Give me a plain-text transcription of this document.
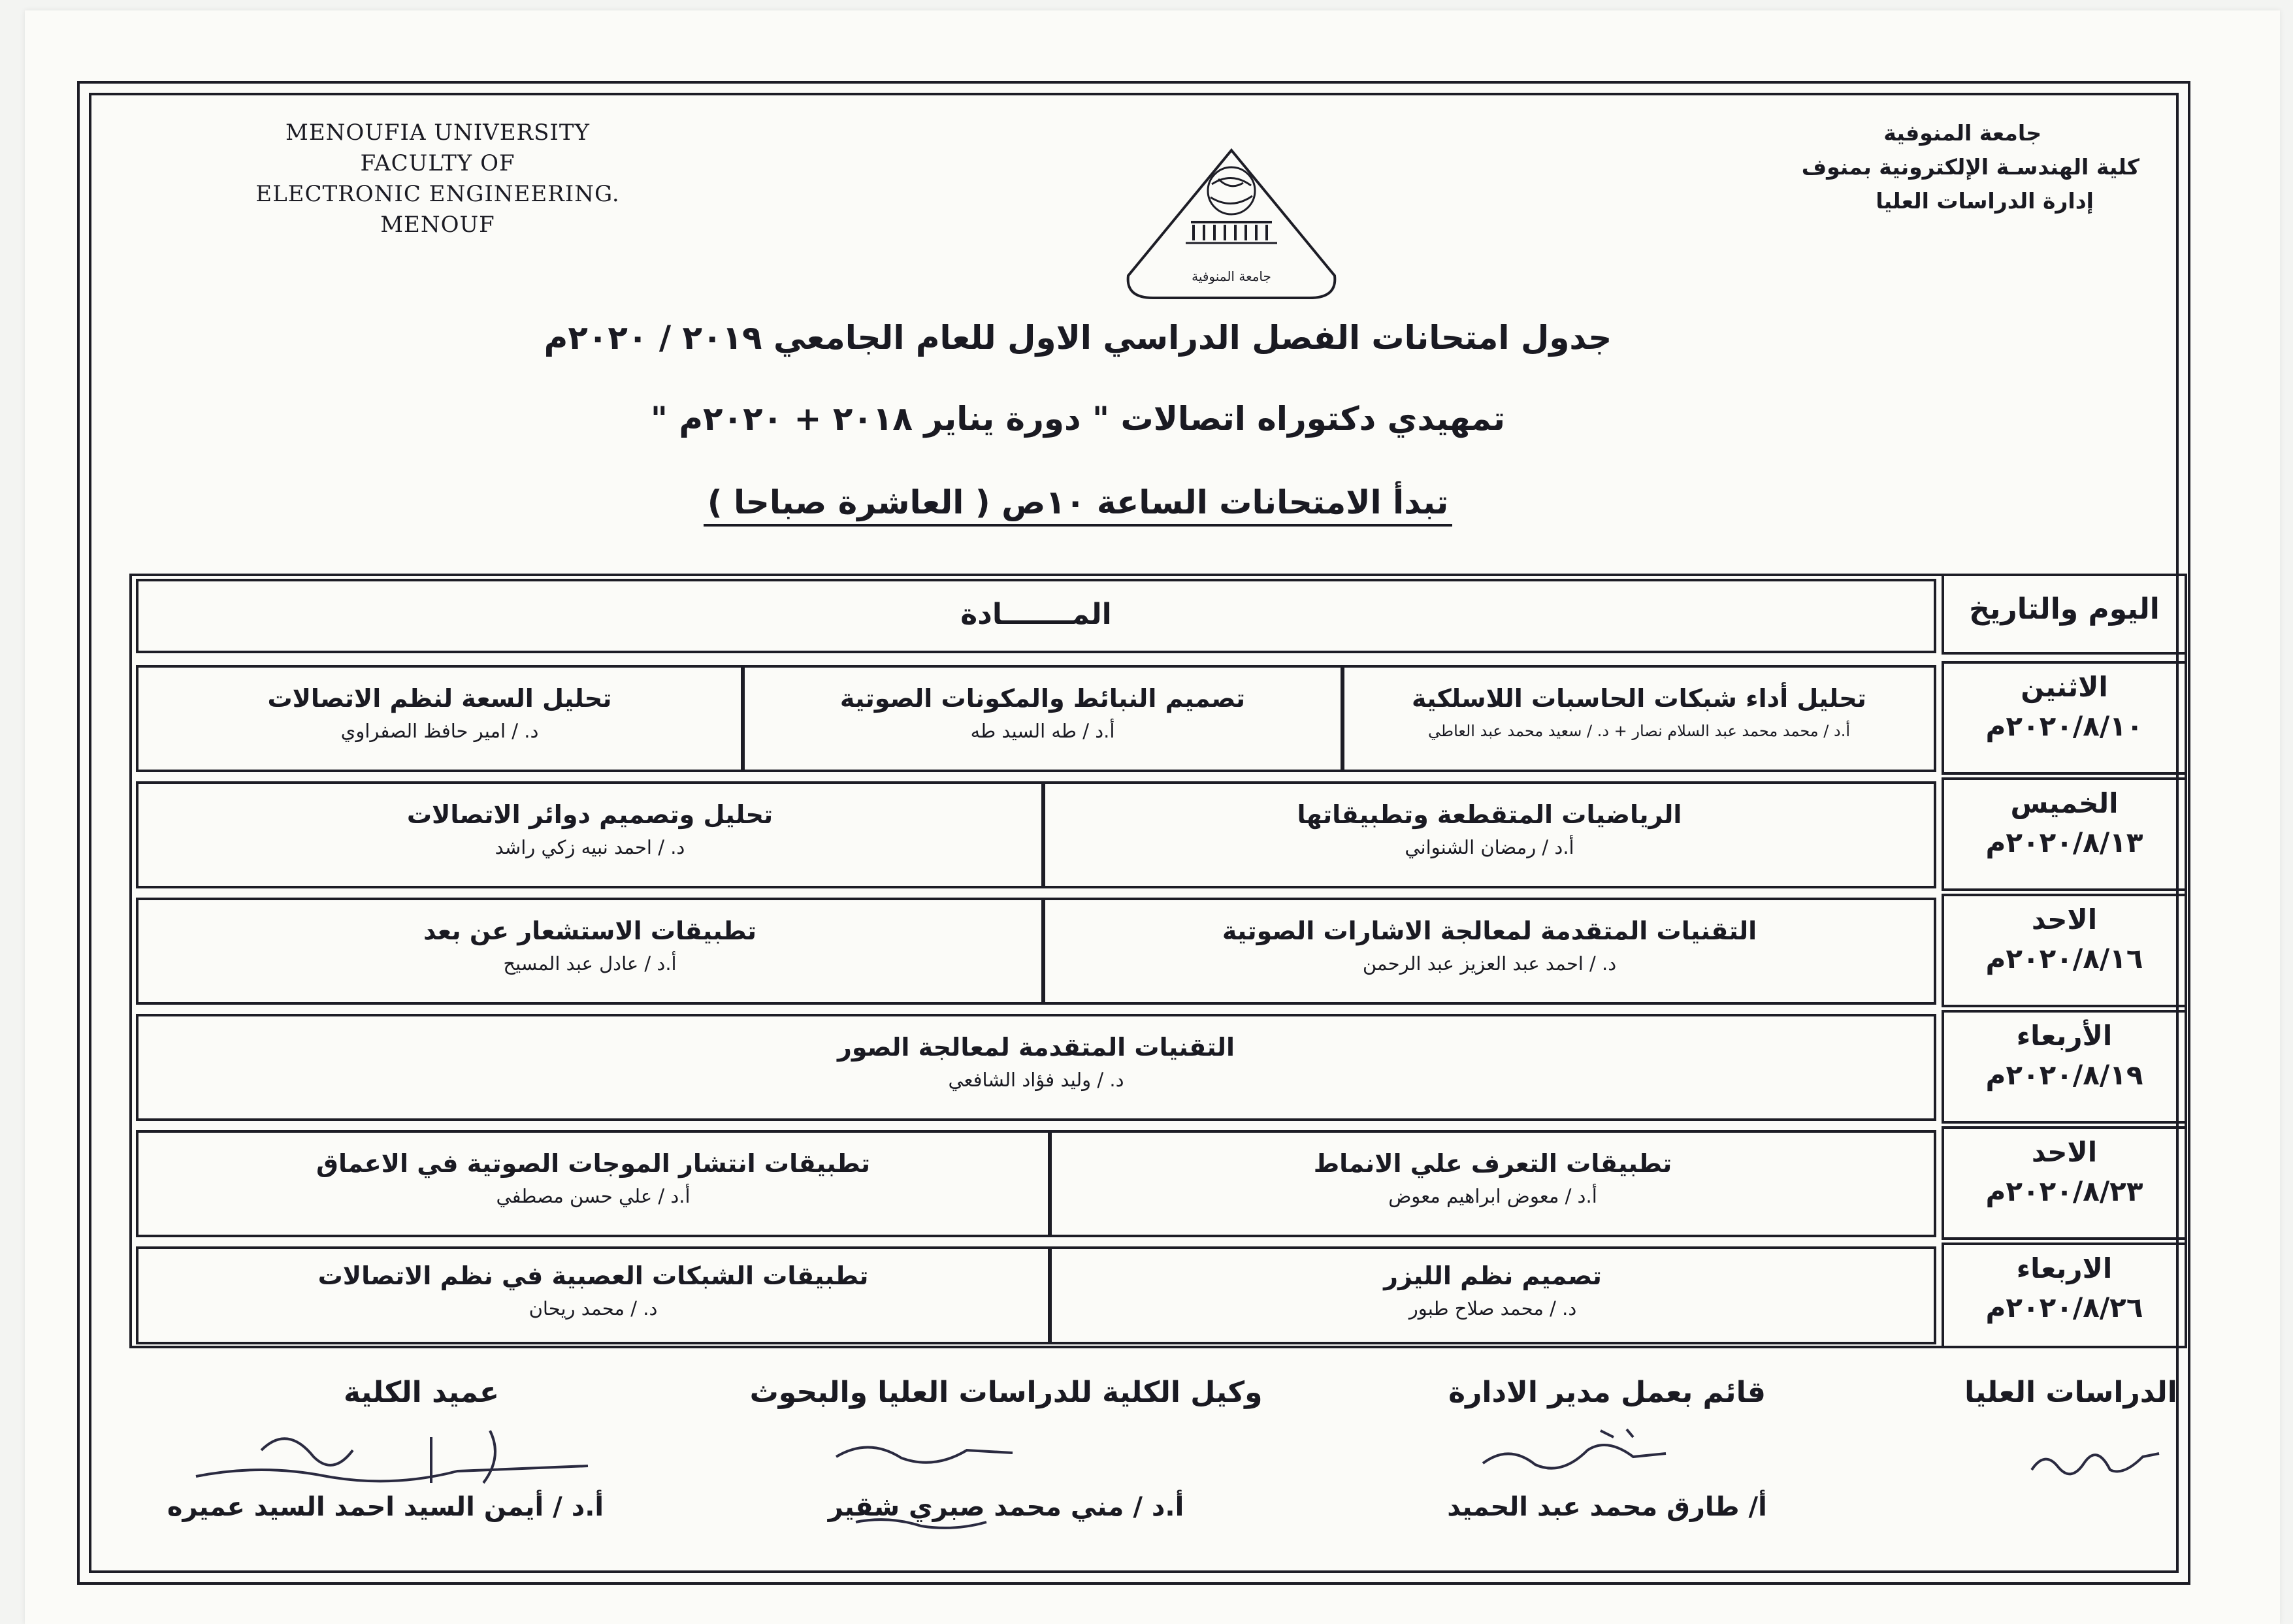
MENOUFIA UNIVERSITY
FACULTY OF
ELECTRONIC ENGINEERING.
MENOUF
جامعة المنوفية
كلية الهندسـة الإلكترونية بمنوف
إدارة الدراسات العليا
جامعة المنوفية
جدول امتحانات الفصل الدراسي الاول للعام الجامعي ٢٠١٩ / ٢٠٢٠م
تمهيدي دكتوراه اتصالات " دورة يناير ٢٠١٨ + ٢٠٢٠م "
تبدأ الامتحانات الساعة ١٠ص ( العاشرة صباحا )
اليوم والتاريخ
المـــــــادة
الاثنين
٢٠٢٠/٨/١٠م
تحليل أداء شبكات الحاسبات اللاسلكية
أ.د / محمد محمد عبد السلام نصار + د. / سعيد محمد عبد العاطي
تصميم النبائط والمكونات الصوتية
أ.د / طه السيد طه
تحليل السعة لنظم الاتصالات
د. / امير حافظ الصفراوي
الخميس
٢٠٢٠/٨/١٣م
الرياضيات المتقطعة وتطبيقاتها
أ.د / رمضان الشنواني
تحليل وتصميم دوائر الاتصالات
د. / احمد نبيه زكي راشد
الاحد
٢٠٢٠/٨/١٦م
التقنيات المتقدمة لمعالجة الاشارات الصوتية
د. / احمد عبد العزيز عبد الرحمن
تطبيقات الاستشعار عن بعد
أ.د / عادل عبد المسيح
الأربعاء
٢٠٢٠/٨/١٩م
التقنيات المتقدمة لمعالجة الصور
د. / وليد فؤاد الشافعي
الاحد
٢٠٢٠/٨/٢٣م
تطبيقات التعرف علي الانماط
أ.د / معوض ابراهيم معوض
تطبيقات انتشار الموجات الصوتية في الاعماق
أ.د / علي حسن مصطفي
الاربعاء
٢٠٢٠/٨/٢٦م
تصميم نظم الليزر
د. / محمد صلاح طبور
تطبيقات الشبكات العصبية في نظم الاتصالات
د. / محمد ريحان
الدراسات العليا
قائم بعمل مدير الادارة
أ/ طارق محمد عبد الحميد
وكيل الكلية للدراسات العليا والبحوث
أ.د / مني محمد صبري شقير
عميد الكلية
أ.د / أيمن السيد احمد السيد عميره
